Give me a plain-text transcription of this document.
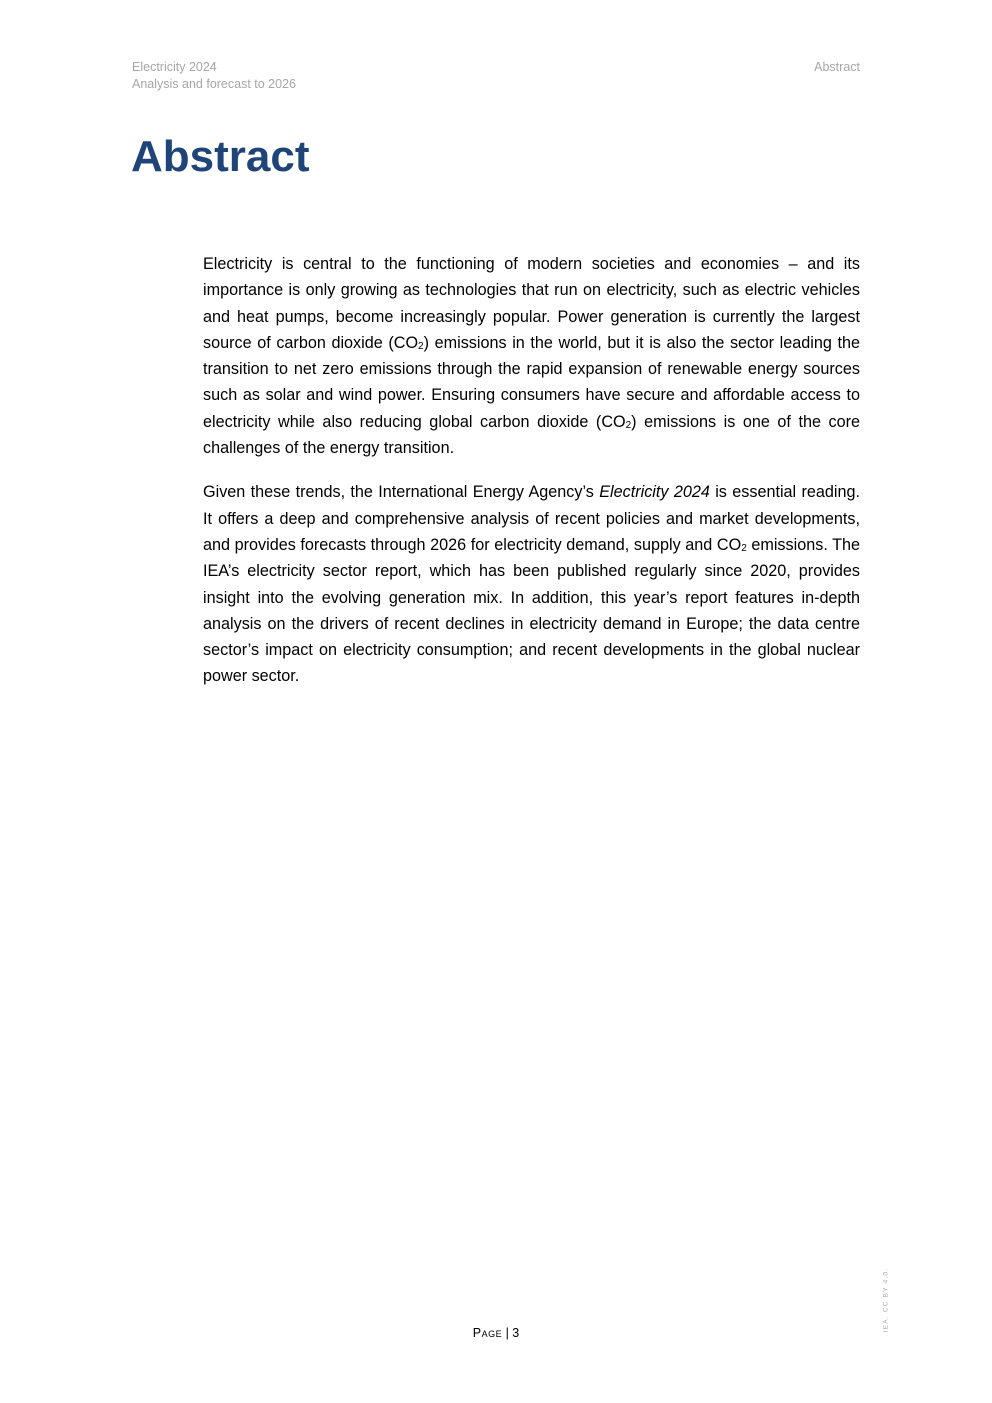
Electricity 2024
Analysis and forecast to 2026
Abstract
Abstract

Electricity is central to the functioning of modern societies and economies – and its importance is only growing as technologies that run on electricity, such as electric vehicles and heat pumps, become increasingly popular. Power generation is currently the largest source of carbon dioxide $(CO_2)$ emissions in the world, but it is also the sector leading the transition to net zero emissions through the rapid expansion of renewable energy sources such as solar and wind power. Ensuring consumers have secure and affordable access to electricity while also reducing global carbon dioxide $(CO_2)$ emissions is one of the core challenges of the energy transition.

Given these trends, the International Energy Agency’s Electricity 2024 is essential reading. It offers a deep and comprehensive analysis of recent policies and market developments, and provides forecasts through 2026 for electricity demand, supply and $CO_2$ emissions. The IEA’s electricity sector report, which has been published regularly since 2020, provides insight into the evolving generation mix. In addition, this year’s report features in-depth analysis on the drivers of recent declines in electricity demand in Europe; the data centre sector’s impact on electricity consumption; and recent developments in the global nuclear power sector.

Page | 3
IEA. CC BY 4.0.
